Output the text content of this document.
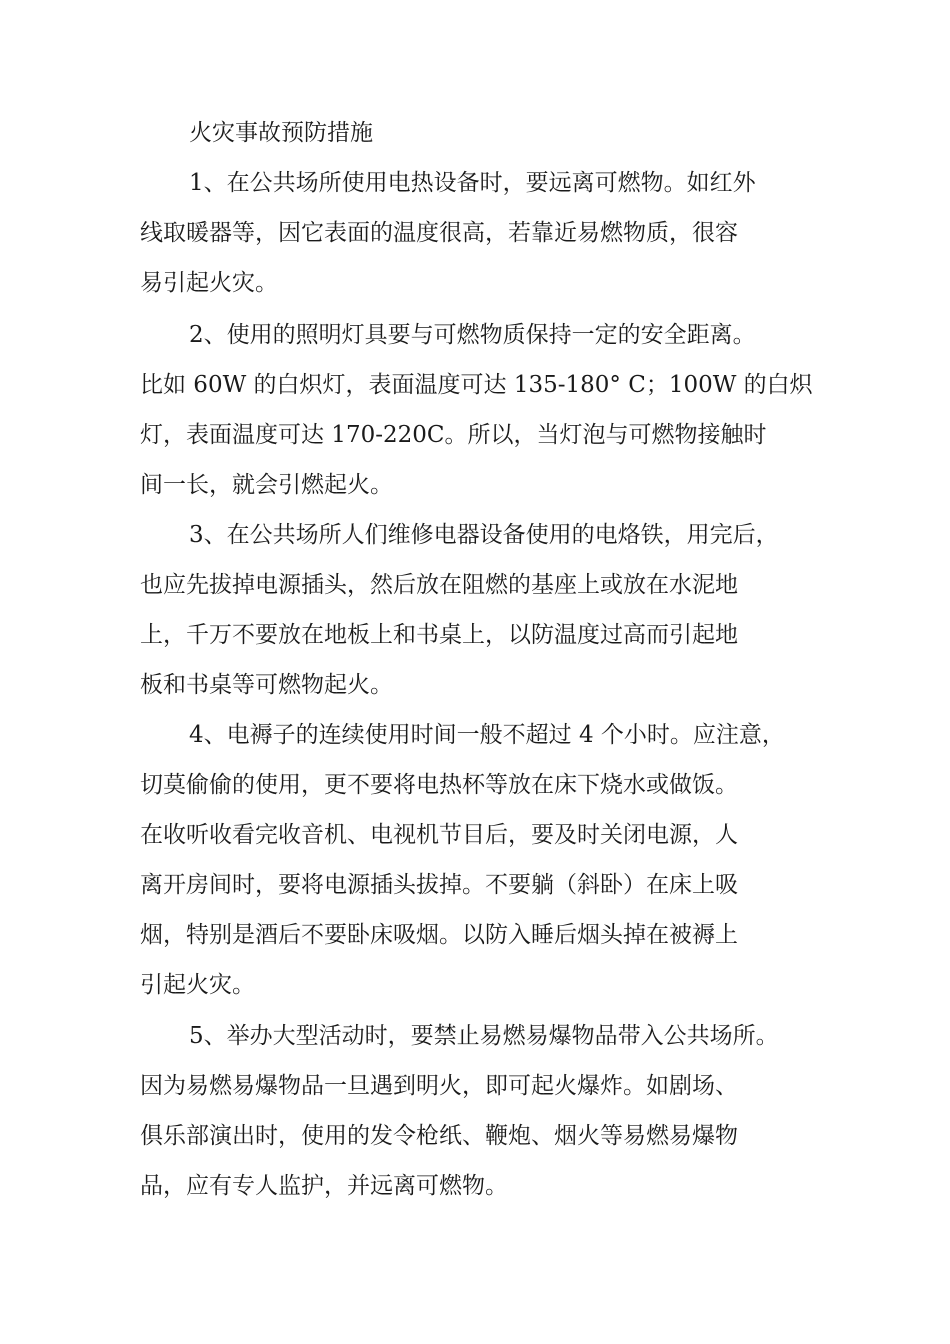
火灾事故预防措施

1、在公共场所使用电热设备时，要远离可燃物。如红外

线取暖器等，因它表面的温度很高，若靠近易燃物质，很容

易引起火灾。

2、使用的照明灯具要与可燃物质保持一定的安全距离。

比如 60W 的白炽灯，表面温度可达 135-180° C；100W 的白炽

灯，表面温度可达 170-220C。所以，当灯泡与可燃物接触时

间一长，就会引燃起火。

3、在公共场所人们维修电器设备使用的电烙铁，用完后，

也应先拔掉电源插头，然后放在阻燃的基座上或放在水泥地

上，千万不要放在地板上和书桌上，以防温度过高而引起地

板和书桌等可燃物起火。

4、电褥子的连续使用时间一般不超过 4 个小时。应注意，

切莫偷偷的使用，更不要将电热杯等放在床下烧水或做饭。

在收听收看完收音机、电视机节目后，要及时关闭电源，人

离开房间时，要将电源插头拔掉。不要躺（斜卧）在床上吸

烟，特别是酒后不要卧床吸烟。以防入睡后烟头掉在被褥上

引起火灾。

5、举办大型活动时，要禁止易燃易爆物品带入公共场所。

因为易燃易爆物品一旦遇到明火，即可起火爆炸。如剧场、

俱乐部演出时，使用的发令枪纸、鞭炮、烟火等易燃易爆物

品，应有专人监护，并远离可燃物。
